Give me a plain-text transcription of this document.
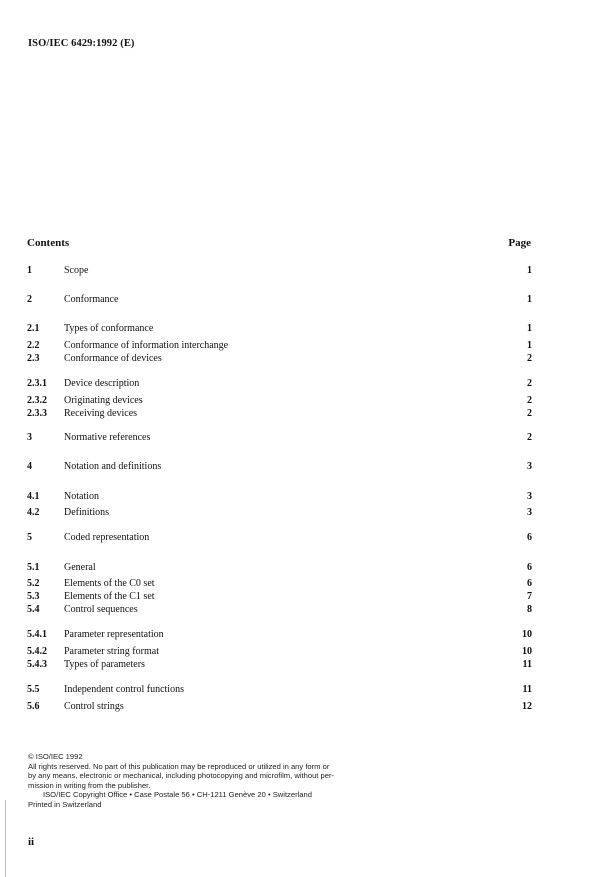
ISO/IEC 6429:1992 (E)
Contents	Page
1	Scope	1
2	Conformance	1
2.1 Types of conformance	1
2.2 Conformance of information interchange	1
2.3 Conformance of devices	2
2.3.1 Device description	2
2.3.2 Originating devices	2
2.3.3 Receiving devices	2
3	Normative references	2
4	Notation and definitions	3
4.1 Notation	3
4.2 Definitions	3
5	Coded representation	6
5.1 General	6
5.2 Elements of the C0 set	6
5.3 Elements of the C1 set	7
5.4 Control sequences	8
5.4.1 Parameter representation	10
5.4.2 Parameter string format	10
5.4.3 Types of parameters	11
5.5 Independent control functions	11
5.6 Control strings	12

© ISO/IEC 1992

All rights reserved. No part of this publication may be reproduced or utilized in any form or

by any means, electronic or mechanical, including photocopying and microfilm, without per-

mission in writing from the publisher.

ISO/IEC Copyright Office • Case Postale 56 • CH-1211 Genève 20 • Switzerland

Printed in Switzerland

ii
